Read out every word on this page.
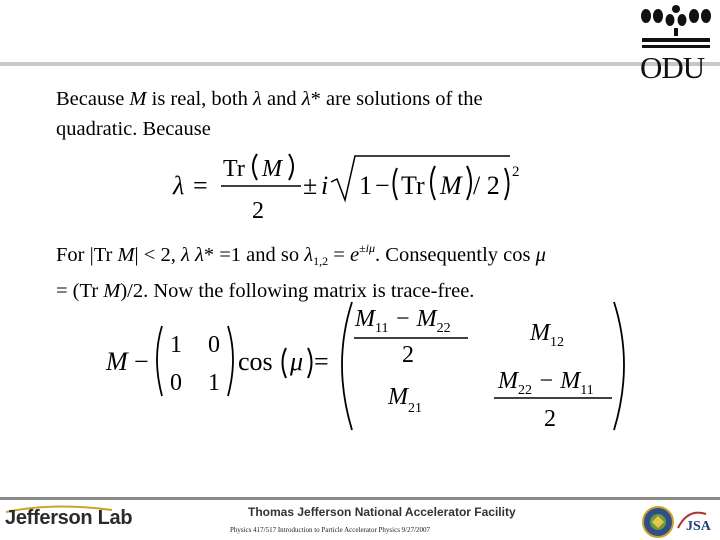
ODU
Because M is real, both λ and λ* are solutions of the
quadratic. Because
λ =
Tr M
2
± i 1 − Tr M / 2 2
For |Tr M| < 2, λ λ* =1 and so $\lambda_{1,2} = e^{\pm i\mu}$. Consequently cos μ
= (Tr M)/2. Now the following matrix is trace-free.
M −
1 0
0 1
cos μ =
$M_{11} - M_{22}$
2
$M_{12}$
$M_{21}$
$M_{22} - M_{11}$
2
Jefferson Lab	Thomas Jefferson National Accelerator Facility
Physics 417/517 Introduction to Particle Accelerator Physics 9/27/2007	JSA
